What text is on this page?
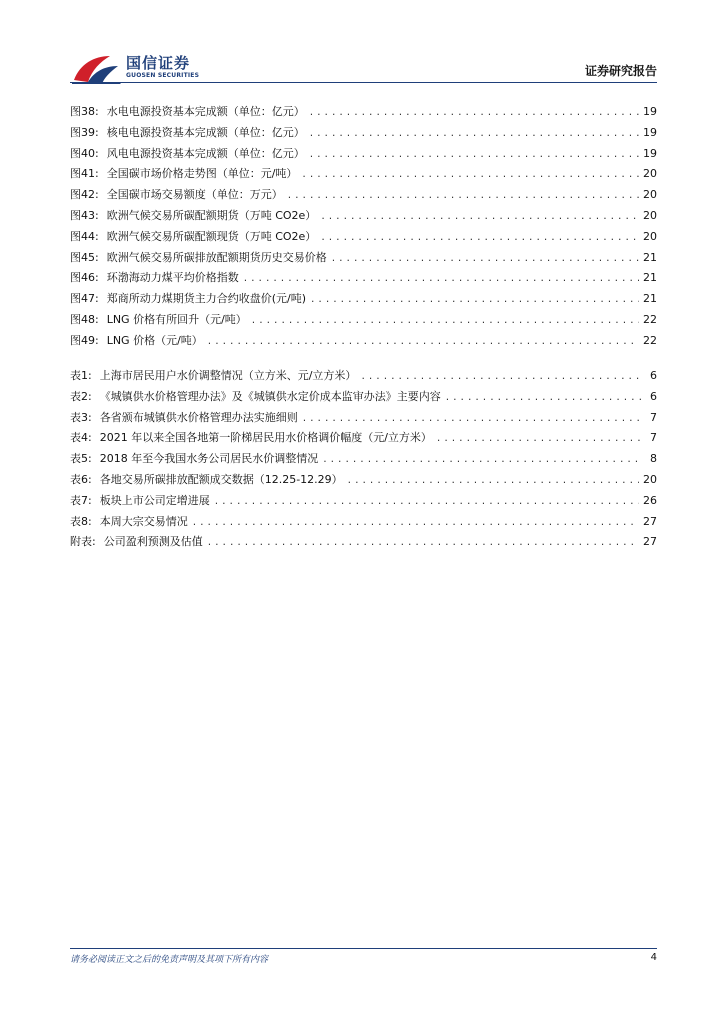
国信证券
GUOSEN SECURITIES	证券研究报告
图38: 水电电源投资基本完成额（单位：亿元） .....	19
图39: 核电电源投资基本完成额（单位：亿元） .....	19
图40: 风电电源投资基本完成额（单位：亿元） .....	19
图41: 全国碳市场价格走势图（单位：元/吨） .....	20
图42: 全国碳市场交易额度（单位：万元） .....	20
图43: 欧洲气候交易所碳配额期货（万吨 CO2e） .....	20
图44: 欧洲气候交易所碳配额现货（万吨 CO2e） .....	20
图45: 欧洲气候交易所碳排放配额期货历史交易价格 .....	21
图46: 环渤海动力煤平均价格指数 .....	21
图47: 郑商所动力煤期货主力合约收盘价(元/吨) .....	21
图48: LNG 价格有所回升（元/吨） .....	22
图49: LNG 价格（元/吨） .....	22
表1: 上海市居民用户水价调整情况（立方米、元/立方米） .....	6
表2: 《城镇供水价格管理办法》及《城镇供水定价成本监审办法》主要内容 .....	6
表3: 各省颁布城镇供水价格管理办法实施细则 .....	7
表4: 2021 年以来全国各地第一阶梯居民用水价格调价幅度（元/立方米） .....	7
表5: 2018 年至今我国水务公司居民水价调整情况 .....	8
表6: 各地交易所碳排放配额成交数据（12.25-12.29） .....	20
表7: 板块上市公司定增进展 .....	26
表8: 本周大宗交易情况 .....	27
附表: 公司盈利预测及估值 .....	27
请务必阅读正文之后的免责声明及其项下所有内容	4
